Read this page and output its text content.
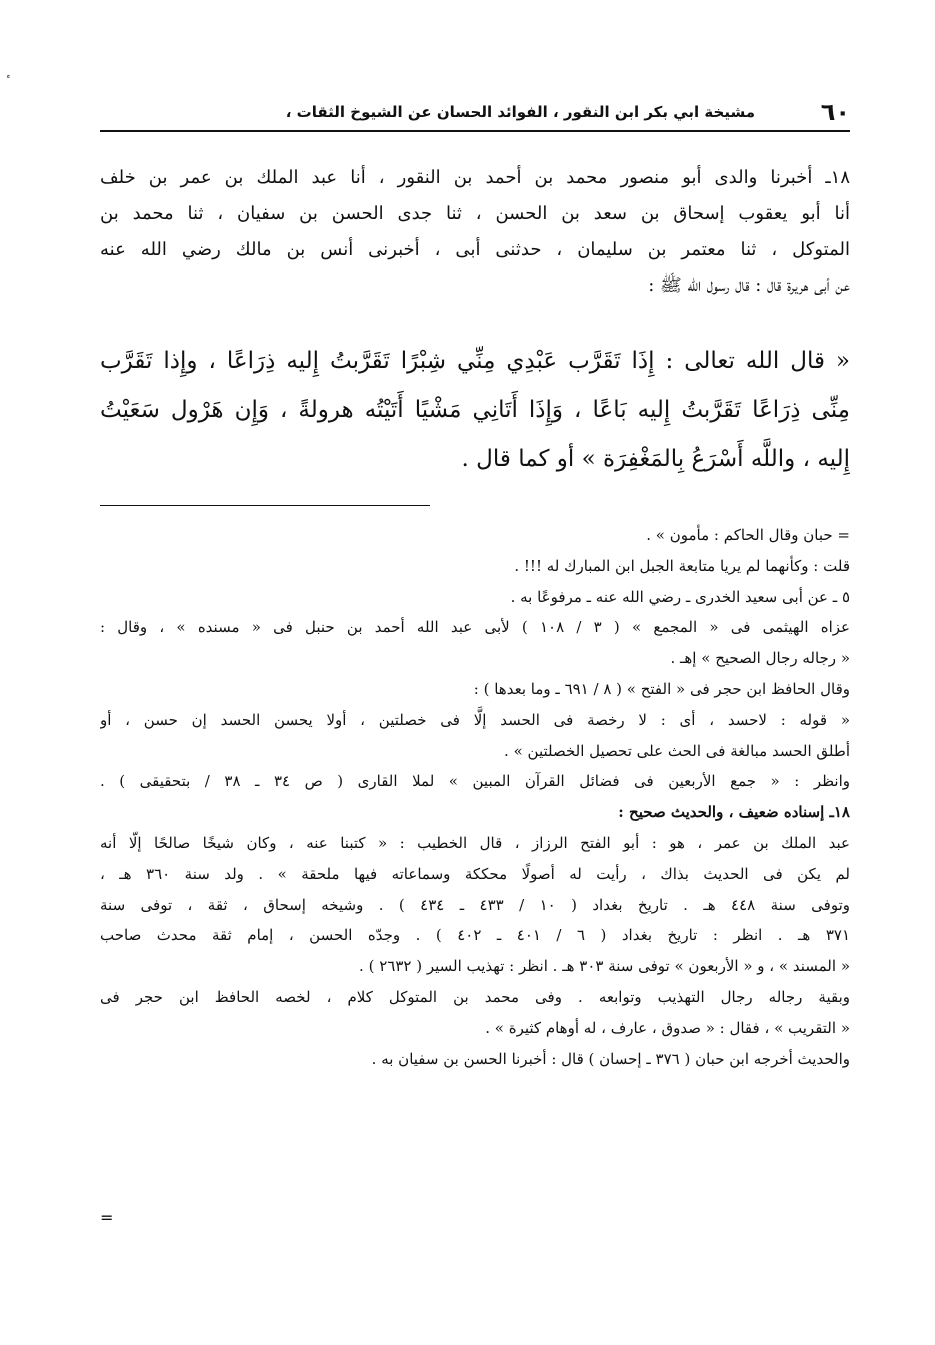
٦٠
مشيخة ابي بكر ابن النقور ، الفوائد الحسان عن الشيوخ الثقات ،
١٨ـ أخبرنا والدى أبو منصور محمد بن أحمد بن النقور ، أنا عبد الملك بن عمر بن خلف
أنا أبو يعقوب إسحاق بن سعد بن الحسن ، ثنا جدى الحسن بن سفيان ، ثنا محمد بن
المتوكل ، ثنا معتمر بن سليمان ، حدثنى أبى ، أخبرنى أنس بن مالك رضي الله عنه
عن أبى هريرة قال : قال رسول الله ﷺ :
« قال الله تعالى : إِذَا تَقَرَّب عَبْدِي مِنِّي شِبْرًا تَقَرَّبتُ إِليه ذِرَاعًا ، وإِذا تَقَرَّب
مِنِّى ذِرَاعًا تَقَرَّبتُ إِليه بَاعًا ، وَإِذَا أَتَانِي مَشْيًا أَتَيْتُه هرولةً ، وَإِن هَرْول سَعَيْتُ
إِليه ، واللَّه أَسْرَعُ بِالمَغْفِرَة » أو كما قال .
= حبان وقال الحاكم : مأمون » .
قلت : وكأنهما لم يريا متابعة الجبل ابن المبارك له !!! .
٥ ـ عن أبى سعيد الخدرى ـ رضي الله عنه ـ مرفوعًا به .
عزاه الهيثمى فى « المجمع » ( ٣ / ١٠٨ ) لأبى عبد الله أحمد بن حنبل فى « مسنده » ، وقال :
« رجاله رجال الصحيح » إهـ .
وقال الحافظ ابن حجر فى « الفتح » ( ٨ / ٦٩١ ـ وما بعدها ) :
« قوله : لاحسد ، أى : لا رخصة فى الحسد إلَّا فى خصلتين ، أولا يحسن الحسد إن حسن ، أو
أطلق الحسد مبالغة فى الحث على تحصيل الخصلتين » .
وانظر : « جمع الأربعين فى فضائل القرآن المبين » لملا القارى ( ص ٣٤ ـ ٣٨ / بتحقيقى ) .
١٨ـ إسناده ضعيف ، والحديث صحيح :
عبد الملك بن عمر ، هو : أبو الفتح الرزاز ، قال الخطيب : « كتبنا عنه ، وكان شيخًا صالحًا إلّا أنه
لم يكن فى الحديث بذاك ، رأيت له أصولًا محككة وسماعاته فيها ملحقة » . ولد سنة ٣٦٠ هـ ،
وتوفى سنة ٤٤٨ هـ . تاريخ بغداد ( ١٠ / ٤٣٣ ـ ٤٣٤ ) . وشيخه إسحاق ، ثقة ، توفى سنة
٣٧١ هـ . انظر : تاريخ بغداد ( ٦ / ٤٠١ ـ ٤٠٢ ) . وجدّه الحسن ، إمام ثقة محدث صاحب
« المسند » ، و « الأربعون » توفى سنة ٣٠٣ هـ . انظر : تهذيب السير ( ٢٦٣٢ ) .
وبقية رجاله رجال التهذيب وتوابعه . وفى محمد بن المتوكل كلام ، لخصه الحافظ ابن حجر فى
« التقريب » ، فقال : « صدوق ، عارف ، له أوهام كثيرة » .
والحديث أخرجه ابن حبان ( ٣٧٦ ـ إحسان ) قال : أخبرنا الحسن بن سفيان به .
=
